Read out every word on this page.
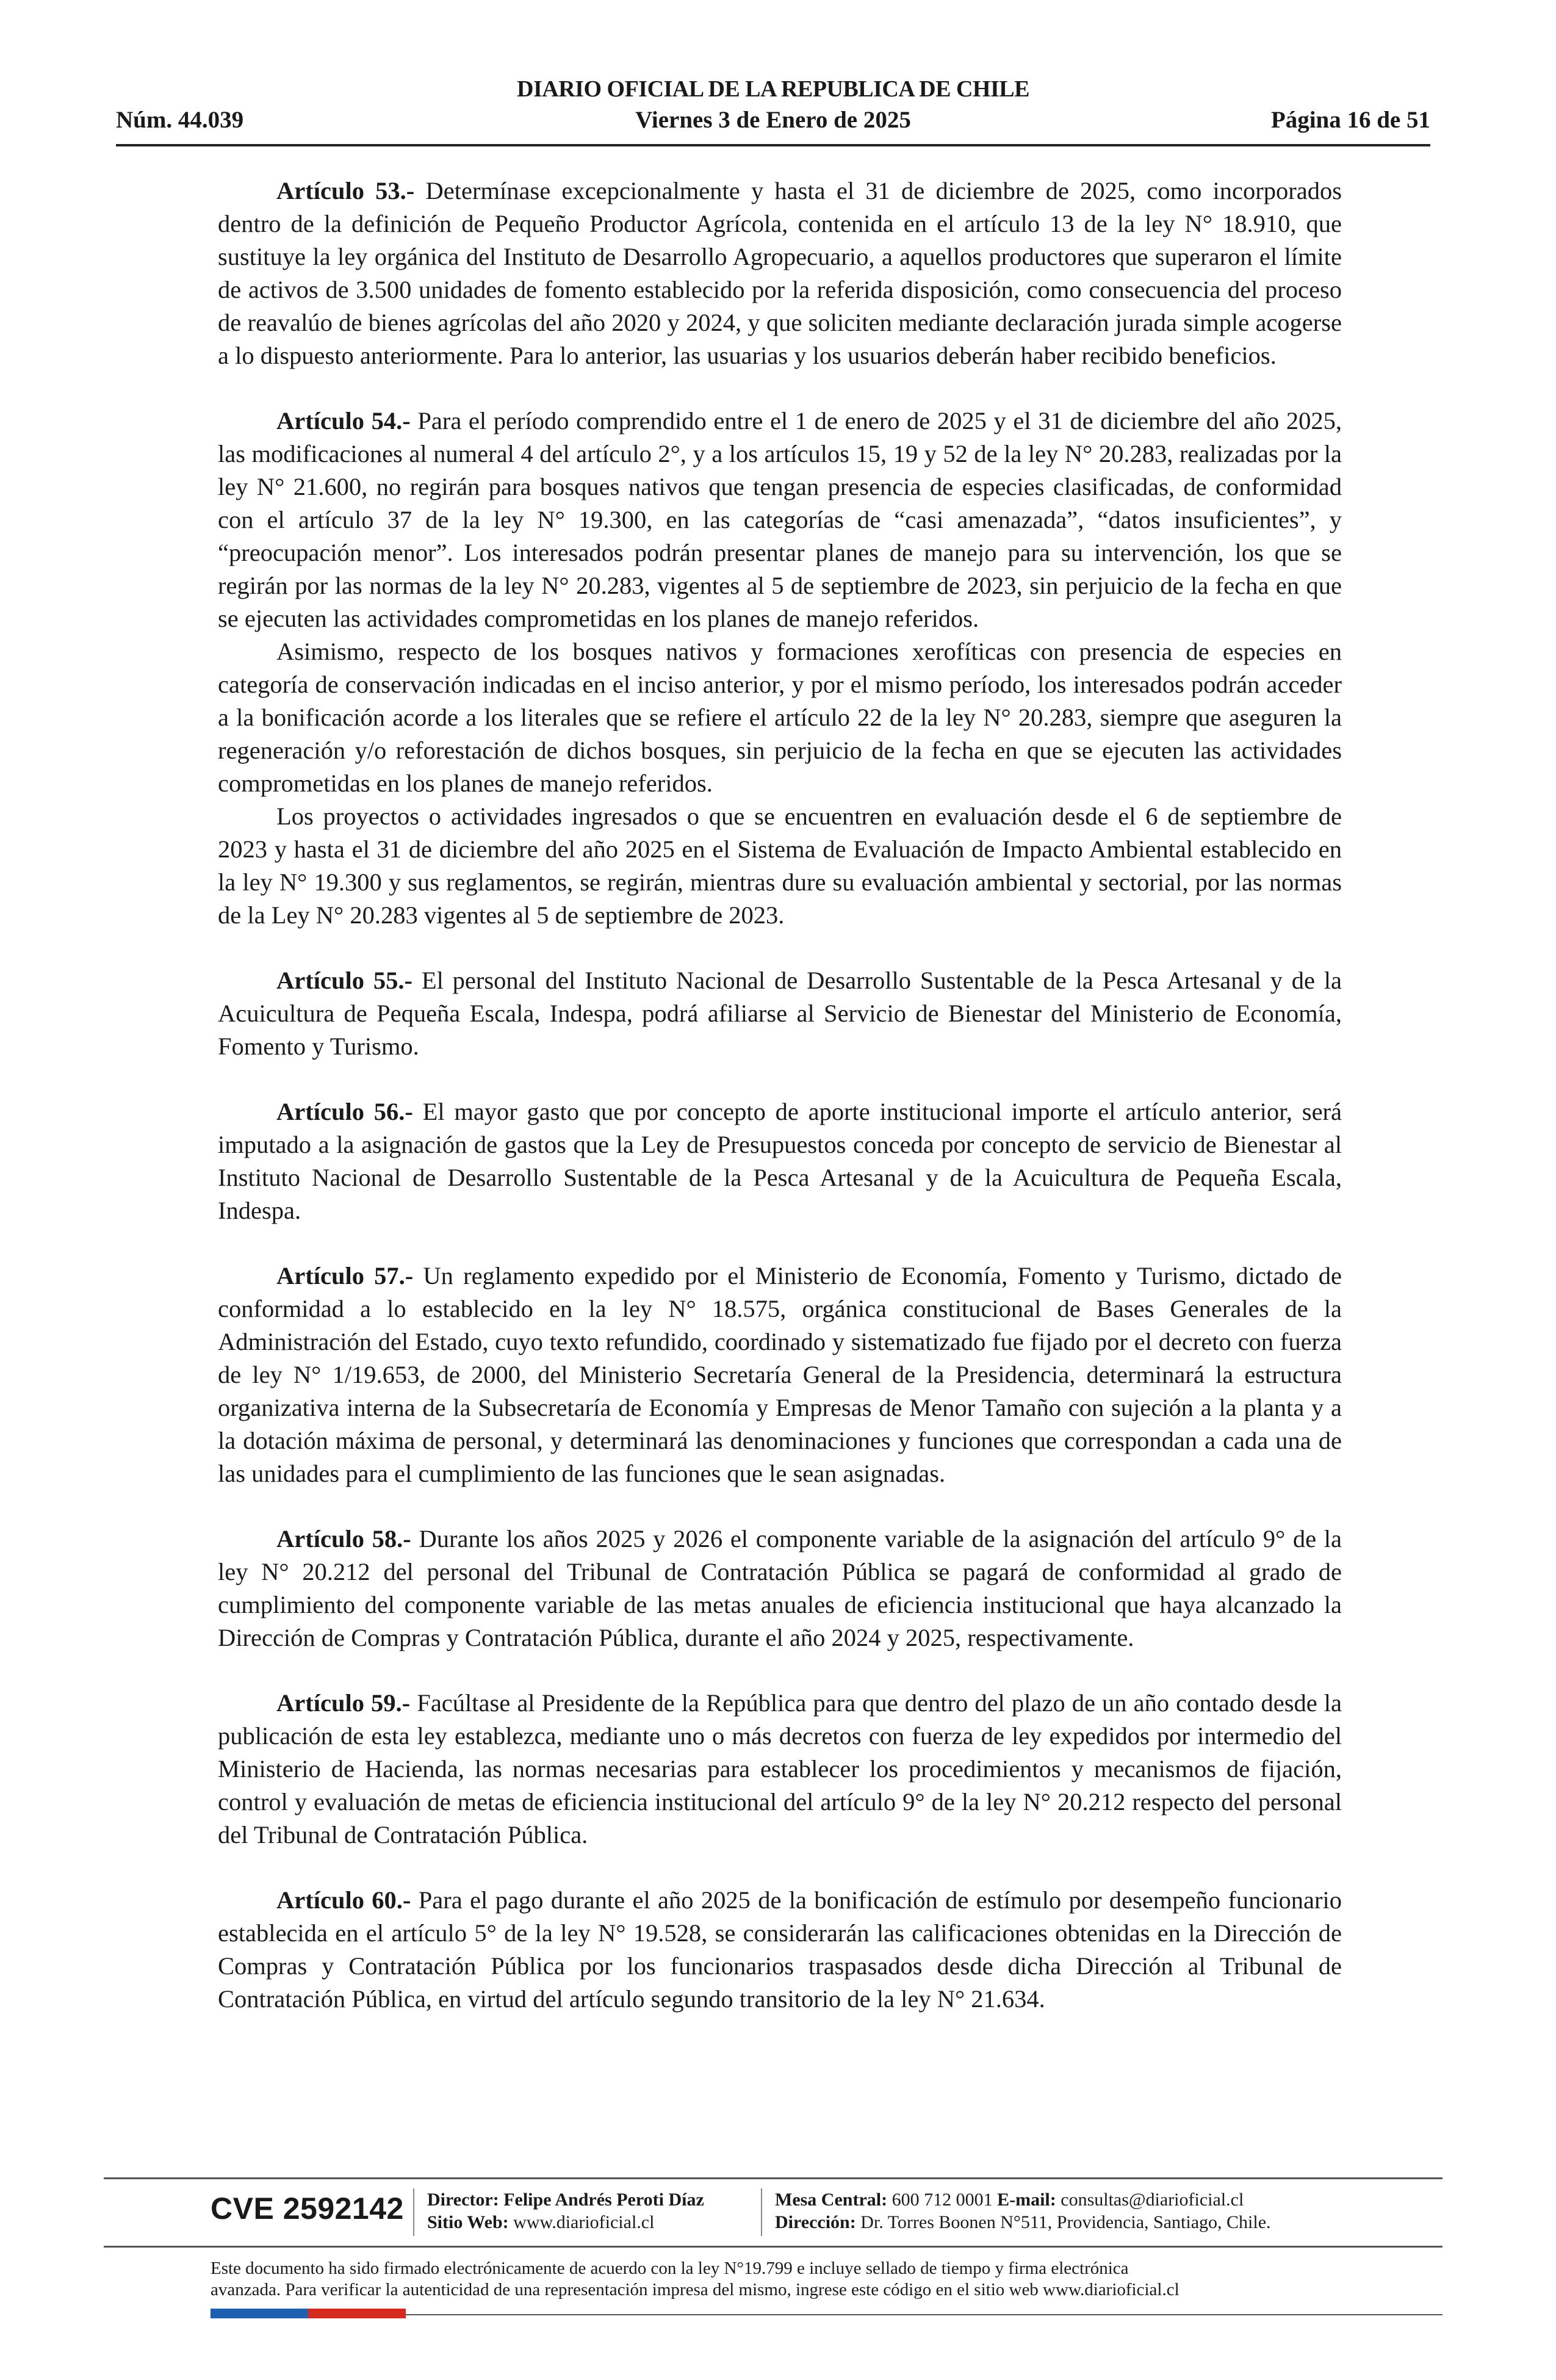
DIARIO OFICIAL DE LA REPUBLICA DE CHILE
Núm. 44.039	Viernes 3 de Enero de 2025	Página 16 de 51

Artículo 53.- Determínase excepcionalmente y hasta el 31 de diciembre de 2025, como incorporados dentro de la definición de Pequeño Productor Agrícola, contenida en el artículo 13 de la ley N° 18.910, que sustituye la ley orgánica del Instituto de Desarrollo Agropecuario, a aquellos productores que superaron el límite de activos de 3.500 unidades de fomento establecido por la referida disposición, como consecuencia del proceso de reavalúo de bienes agrícolas del año 2020 y 2024, y que soliciten mediante declaración jurada simple acogerse a lo dispuesto anteriormente. Para lo anterior, las usuarias y los usuarios deberán haber recibido beneficios.

Artículo 54.- Para el período comprendido entre el 1 de enero de 2025 y el 31 de diciembre del año 2025, las modificaciones al numeral 4 del artículo 2°, y a los artículos 15, 19 y 52 de la ley N° 20.283, realizadas por la ley N° 21.600, no regirán para bosques nativos que tengan presencia de especies clasificadas, de conformidad con el artículo 37 de la ley N° 19.300, en las categorías de “casi amenazada”, “datos insuficientes”, y “preocupación menor”. Los interesados podrán presentar planes de manejo para su intervención, los que se regirán por las normas de la ley N° 20.283, vigentes al 5 de septiembre de 2023, sin perjuicio de la fecha en que se ejecuten las actividades comprometidas en los planes de manejo referidos.

Asimismo, respecto de los bosques nativos y formaciones xerofíticas con presencia de especies en categoría de conservación indicadas en el inciso anterior, y por el mismo período, los interesados podrán acceder a la bonificación acorde a los literales que se refiere el artículo 22 de la ley N° 20.283, siempre que aseguren la regeneración y/o reforestación de dichos bosques, sin perjuicio de la fecha en que se ejecuten las actividades comprometidas en los planes de manejo referidos.

Los proyectos o actividades ingresados o que se encuentren en evaluación desde el 6 de septiembre de 2023 y hasta el 31 de diciembre del año 2025 en el Sistema de Evaluación de Impacto Ambiental establecido en la ley N° 19.300 y sus reglamentos, se regirán, mientras dure su evaluación ambiental y sectorial, por las normas de la Ley N° 20.283 vigentes al 5 de septiembre de 2023.

Artículo 55.- El personal del Instituto Nacional de Desarrollo Sustentable de la Pesca Artesanal y de la Acuicultura de Pequeña Escala, Indespa, podrá afiliarse al Servicio de Bienestar del Ministerio de Economía, Fomento y Turismo.

Artículo 56.- El mayor gasto que por concepto de aporte institucional importe el artículo anterior, será imputado a la asignación de gastos que la Ley de Presupuestos conceda por concepto de servicio de Bienestar al Instituto Nacional de Desarrollo Sustentable de la Pesca Artesanal y de la Acuicultura de Pequeña Escala, Indespa.

Artículo 57.- Un reglamento expedido por el Ministerio de Economía, Fomento y Turismo, dictado de conformidad a lo establecido en la ley N° 18.575, orgánica constitucional de Bases Generales de la Administración del Estado, cuyo texto refundido, coordinado y sistematizado fue fijado por el decreto con fuerza de ley N° 1/19.653, de 2000, del Ministerio Secretaría General de la Presidencia, determinará la estructura organizativa interna de la Subsecretaría de Economía y Empresas de Menor Tamaño con sujeción a la planta y a la dotación máxima de personal, y determinará las denominaciones y funciones que correspondan a cada una de las unidades para el cumplimiento de las funciones que le sean asignadas.

Artículo 58.- Durante los años 2025 y 2026 el componente variable de la asignación del artículo 9° de la ley N° 20.212 del personal del Tribunal de Contratación Pública se pagará de conformidad al grado de cumplimiento del componente variable de las metas anuales de eficiencia institucional que haya alcanzado la Dirección de Compras y Contratación Pública, durante el año 2024 y 2025, respectivamente.

Artículo 59.- Facúltase al Presidente de la República para que dentro del plazo de un año contado desde la publicación de esta ley establezca, mediante uno o más decretos con fuerza de ley expedidos por intermedio del Ministerio de Hacienda, las normas necesarias para establecer los procedimientos y mecanismos de fijación, control y evaluación de metas de eficiencia institucional del artículo 9° de la ley N° 20.212 respecto del personal del Tribunal de Contratación Pública.

Artículo 60.- Para el pago durante el año 2025 de la bonificación de estímulo por desempeño funcionario establecida en el artículo 5° de la ley N° 19.528, se considerarán las calificaciones obtenidas en la Dirección de Compras y Contratación Pública por los funcionarios traspasados desde dicha Dirección al Tribunal de Contratación Pública, en virtud del artículo segundo transitorio de la ley N° 21.634.

CVE 2592142 Director: Felipe Andrés Peroti Díaz
Sitio Web: www.diarioficial.cl
Mesa Central: 600 712 0001 E-mail: consultas@diarioficial.cl
Dirección: Dr. Torres Boonen N°511, Providencia, Santiago, Chile.
Este documento ha sido firmado electrónicamente de acuerdo con la ley N°19.799 e incluye sellado de tiempo y firma electrónica
avanzada. Para verificar la autenticidad de una representación impresa del mismo, ingrese este código en el sitio web www.diarioficial.cl
